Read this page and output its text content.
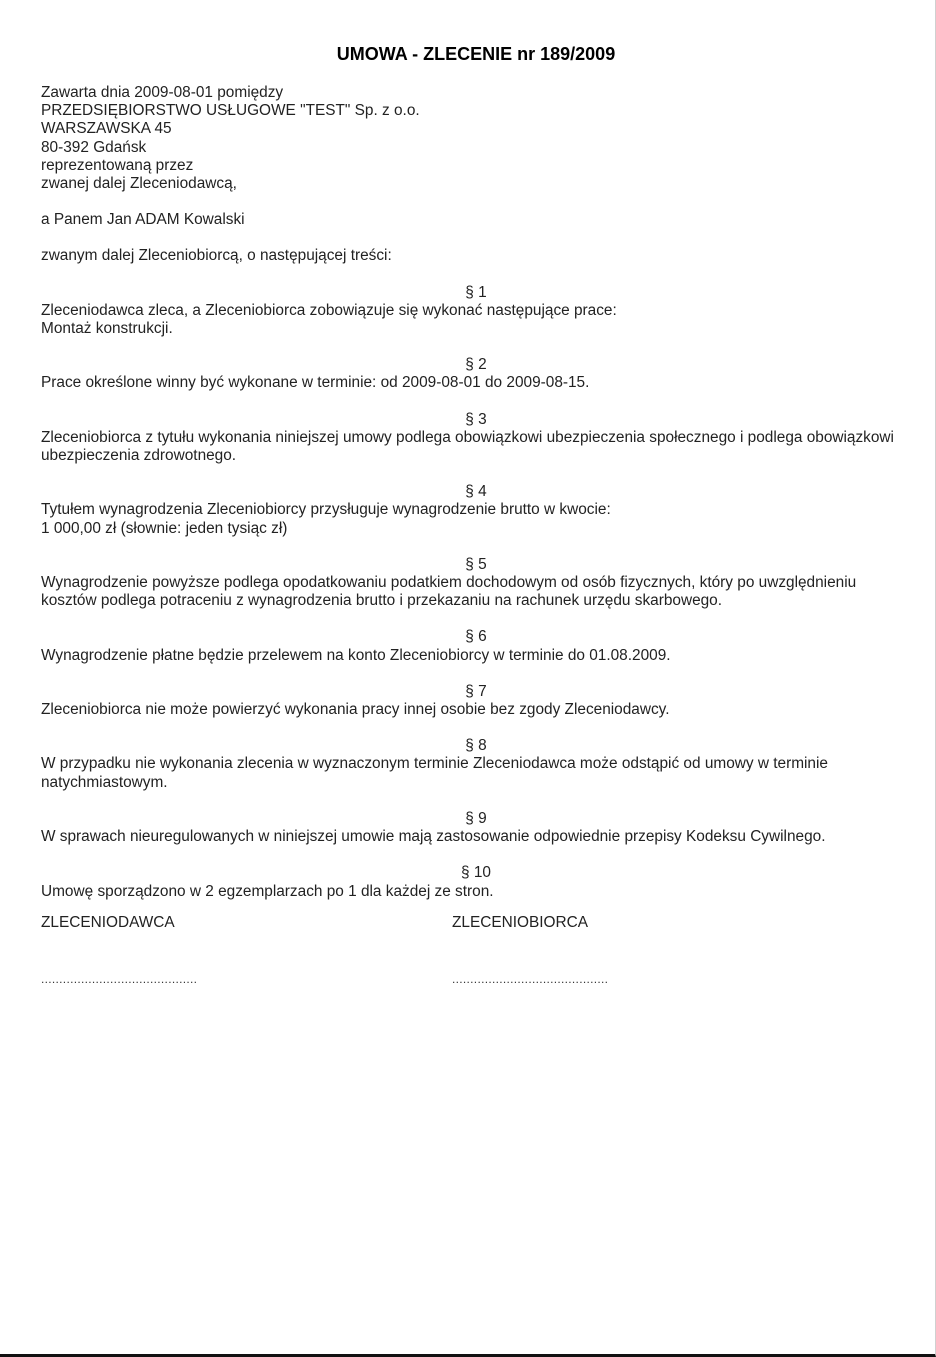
UMOWA - ZLECENIE nr 189/2009
Zawarta dnia 2009-08-01 pomiędzy
PRZEDSIĘBIORSTWO USŁUGOWE "TEST" Sp. z o.o.
WARSZAWSKA 45
80-392 Gdańsk
reprezentowaną przez
zwanej dalej Zleceniodawcą,
a Panem Jan ADAM Kowalski
zwanym dalej Zleceniobiorcą, o następującej treści:
§ 1
Zleceniodawca zleca, a Zleceniobiorca zobowiązuje się wykonać następujące prace:
Montaż konstrukcji.
§ 2
Prace określone winny być wykonane w terminie: od 2009-08-01 do 2009-08-15.
§ 3
Zleceniobiorca z tytułu wykonania niniejszej umowy podlega obowiązkowi ubezpieczenia społecznego i podlega obowiązkowi ubezpieczenia zdrowotnego.
§ 4
Tytułem wynagrodzenia Zleceniobiorcy przysługuje wynagrodzenie brutto w kwocie:
1 000,00 zł (słownie: jeden tysiąc zł)
§ 5
Wynagrodzenie powyższe podlega opodatkowaniu podatkiem dochodowym od osób fizycznych, który po uwzględnieniu kosztów podlega potraceniu z wynagrodzenia brutto i przekazaniu na rachunek urzędu skarbowego.
§ 6
Wynagrodzenie płatne będzie przelewem na konto Zleceniobiorcy w terminie do 01.08.2009.
§ 7
Zleceniobiorca nie może powierzyć wykonania pracy innej osobie bez zgody Zleceniodawcy.
§ 8
W przypadku nie wykonania zlecenia w wyznaczonym terminie Zleceniodawca może odstąpić od umowy w terminie natychmiastowym.
§ 9
W sprawach nieuregulowanych w niniejszej umowie mają zastosowanie odpowiednie przepisy Kodeksu Cywilnego.
§ 10
Umowę sporządzono w 2 egzemplarzach po 1 dla każdej ze stron.
ZLECENIODAWCA
...........................................
ZLECENIOBIORCA
...........................................
